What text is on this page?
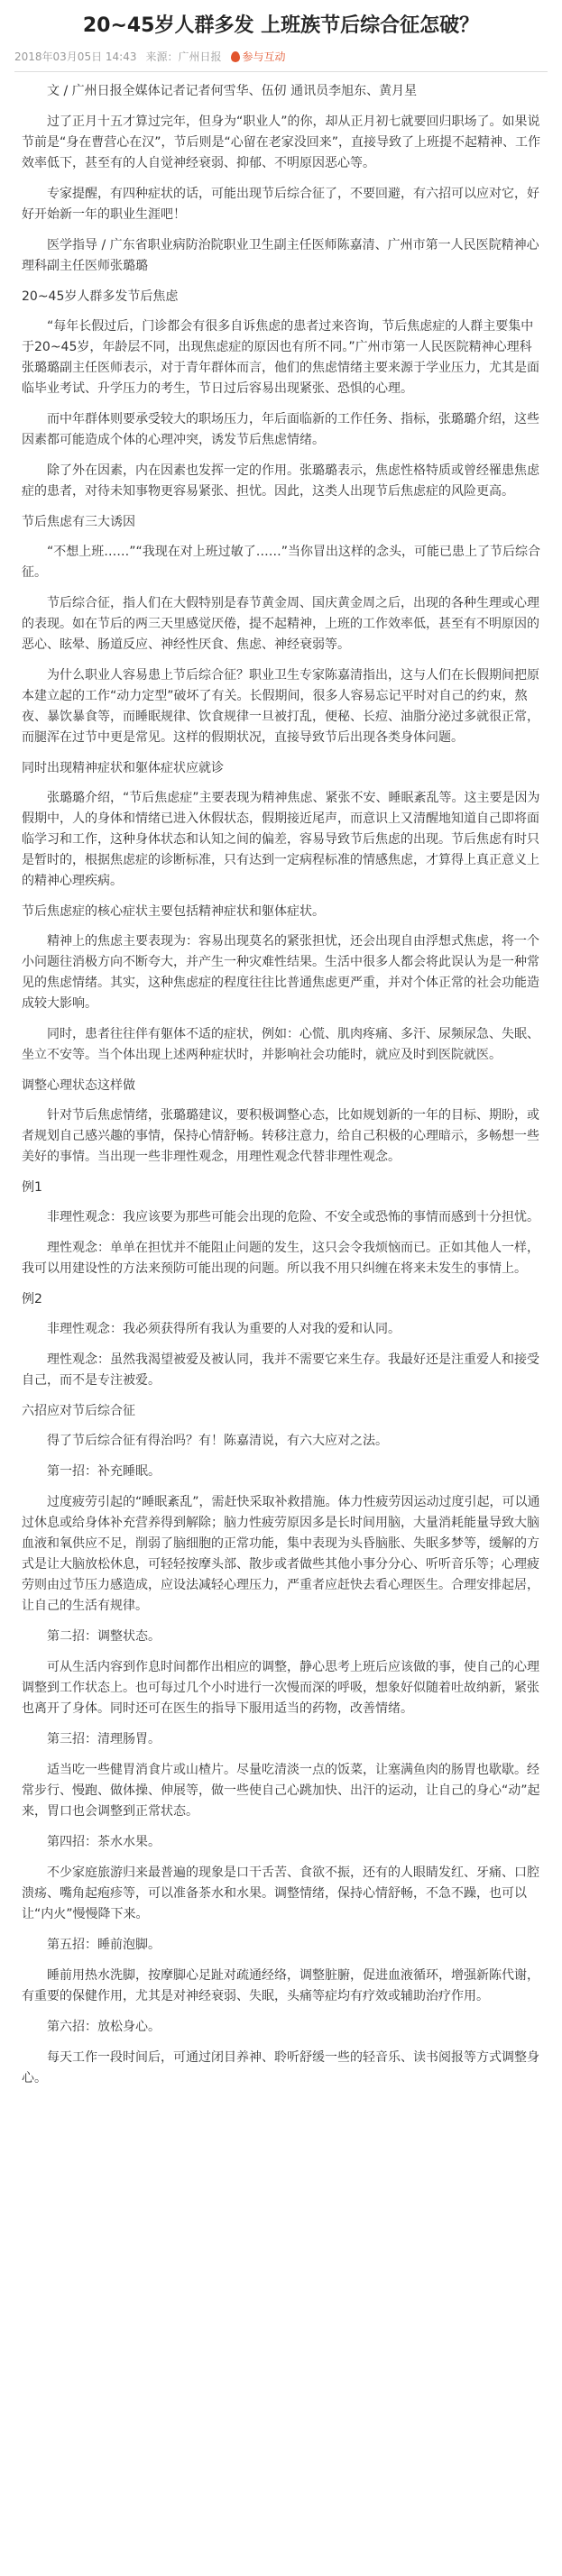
20~45岁人群多发 上班族节后综合征怎破？
2018年03月05日 14:43 来源：广州日报 参与互动

文 / 广州日报全媒体记者记者何雪华、伍仞 通讯员李旭东、黄月星

过了正月十五才算过完年，但身为“职业人”的你，却从正月初七就要回归职场了。如果说节前是“身在曹营心在汉”，节后则是“心留在老家没回来”，直接导致了上班提不起精神、工作效率低下，甚至有的人自觉神经衰弱、抑郁、不明原因恶心等。

专家提醒，有四种症状的话，可能出现节后综合征了，不要回避，有六招可以应对它，好好开始新一年的职业生涯吧！

医学指导 / 广东省职业病防治院职业卫生副主任医师陈嘉清、广州市第一人民医院精神心理科副主任医师张璐璐

20~45岁人群多发节后焦虑

“每年长假过后，门诊都会有很多自诉焦虑的患者过来咨询，节后焦虑症的人群主要集中于20~45岁，年龄层不同，出现焦虑症的原因也有所不同。”广州市第一人民医院精神心理科张璐璐副主任医师表示，对于青年群体而言，他们的焦虑情绪主要来源于学业压力，尤其是面临毕业考试、升学压力的考生，节日过后容易出现紧张、恐惧的心理。

而中年群体则要承受较大的职场压力，年后面临新的工作任务、指标，张璐璐介绍，这些因素都可能造成个体的心理冲突，诱发节后焦虑情绪。

除了外在因素，内在因素也发挥一定的作用。张璐璐表示，焦虑性格特质或曾经罹患焦虑症的患者，对待未知事物更容易紧张、担忧。因此，这类人出现节后焦虑症的风险更高。

节后焦虑有三大诱因

“不想上班……”“我现在对上班过敏了……”当你冒出这样的念头，可能已患上了节后综合征。

节后综合征，指人们在大假特别是春节黄金周、国庆黄金周之后，出现的各种生理或心理的表现。如在节后的两三天里感觉厌倦，提不起精神，上班的工作效率低，甚至有不明原因的恶心、眩晕、肠道反应、神经性厌食、焦虑、神经衰弱等。

为什么职业人容易患上节后综合征？职业卫生专家陈嘉清指出，这与人们在长假期间把原本建立起的工作“动力定型”破坏了有关。长假期间，很多人容易忘记平时对自己的约束，熬夜、暴饮暴食等，而睡眠规律、饮食规律一旦被打乱，便秘、长痘、油脂分泌过多就很正常，而腿浑在过节中更是常见。这样的假期状况，直接导致节后出现各类身体问题。

同时出现精神症状和躯体症状应就诊

张璐璐介绍，“节后焦虑症”主要表现为精神焦虑、紧张不安、睡眠紊乱等。这主要是因为假期中，人的身体和情绪已进入休假状态，假期接近尾声，而意识上又清醒地知道自己即将面临学习和工作，这种身体状态和认知之间的偏差，容易导致节后焦虑的出现。节后焦虑有时只是暂时的，根据焦虑症的诊断标准，只有达到一定病程标准的情感焦虑，才算得上真正意义上的精神心理疾病。

节后焦虑症的核心症状主要包括精神症状和躯体症状。

精神上的焦虑主要表现为：容易出现莫名的紧张担忧，还会出现自由浮想式焦虑，将一个小问题往消极方向不断夸大，并产生一种灾难性结果。生活中很多人都会将此误认为是一种常见的焦虑情绪。其实，这种焦虑症的程度往往比普通焦虑更严重，并对个体正常的社会功能造成较大影响。

同时，患者往往伴有躯体不适的症状，例如：心慌、肌肉疼痛、多汗、尿频尿急、失眠、坐立不安等。当个体出现上述两种症状时，并影响社会功能时，就应及时到医院就医。

调整心理状态这样做

针对节后焦虑情绪，张璐璐建议，要积极调整心态，比如规划新的一年的目标、期盼，或者规划自己感兴趣的事情，保持心情舒畅。转移注意力，给自己积极的心理暗示，多畅想一些美好的事情。当出现一些非理性观念，用理性观念代替非理性观念。

例1

非理性观念：我应该要为那些可能会出现的危险、不安全或恐怖的事情而感到十分担忧。

理性观念：单单在担忧并不能阻止问题的发生，这只会令我烦恼而已。正如其他人一样，我可以用建设性的方法来预防可能出现的问题。所以我不用只纠缠在将来未发生的事情上。

例2

非理性观念：我必须获得所有我认为重要的人对我的爱和认同。

理性观念：虽然我渴望被爱及被认同，我并不需要它来生存。我最好还是注重爱人和接受自己，而不是专注被爱。

六招应对节后综合征

得了节后综合征有得治吗？有！陈嘉清说，有六大应对之法。

第一招：补充睡眠。

过度疲劳引起的“睡眠紊乱”，需赶快采取补救措施。体力性疲劳因运动过度引起，可以通过休息或给身体补充营养得到解除；脑力性疲劳原因多是长时间用脑，大量消耗能量导致大脑血液和氧供应不足，削弱了脑细胞的正常功能，集中表现为头昏脑胀、失眠多梦等，缓解的方式是让大脑放松休息，可轻轻按摩头部、散步或者做些其他小事分分心、听听音乐等；心理疲劳则由过节压力感造成，应设法减轻心理压力，严重者应赶快去看心理医生。合理安排起居，让自己的生活有规律。

第二招：调整状态。

可从生活内容到作息时间都作出相应的调整，静心思考上班后应该做的事，使自己的心理调整到工作状态上。也可每过几个小时进行一次慢而深的呼吸，想象好似随着吐故纳新，紧张也离开了身体。同时还可在医生的指导下服用适当的药物，改善情绪。

第三招：清理肠胃。

适当吃一些健胃消食片或山楂片。尽量吃清淡一点的饭菜，让塞满鱼肉的肠胃也歇歇。经常步行、慢跑、做体操、伸展等，做一些使自己心跳加快、出汗的运动，让自己的身心“动”起来，胃口也会调整到正常状态。

第四招：茶水水果。

不少家庭旅游归来最普遍的现象是口干舌苦、食欲不振，还有的人眼睛发红、牙痛、口腔溃疡、嘴角起疱疹等，可以准备茶水和水果。调整情绪，保持心情舒畅，不急不躁，也可以让“内火”慢慢降下来。

第五招：睡前泡脚。

睡前用热水洗脚，按摩脚心足趾对疏通经络，调整脏腑，促进血液循环，增强新陈代谢，有重要的保健作用，尤其是对神经衰弱、失眠，头痛等症均有疗效或辅助治疗作用。

第六招：放松身心。

每天工作一段时间后，可通过闭目养神、聆听舒缓一些的轻音乐、读书阅报等方式调整身心。
